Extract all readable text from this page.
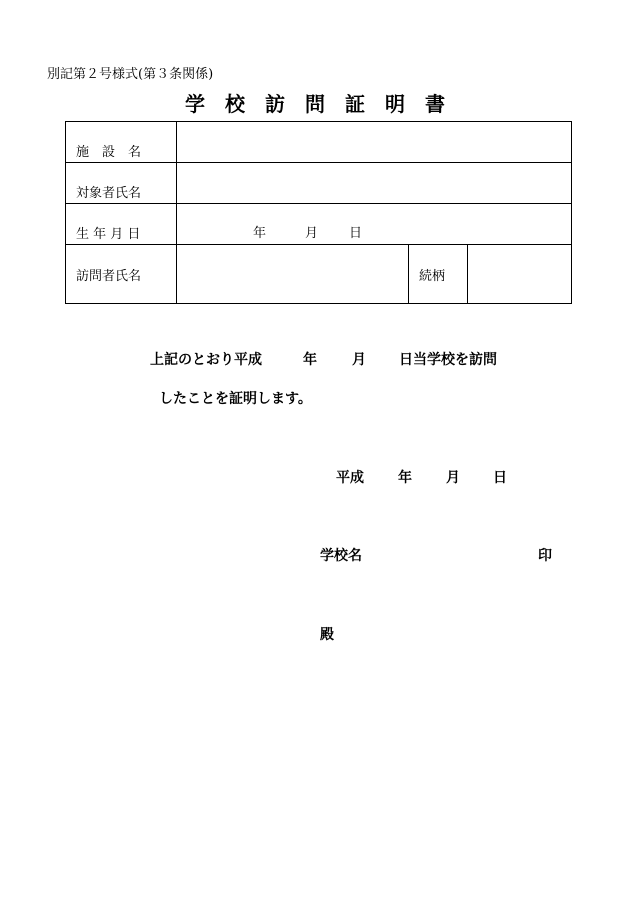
別記第２号様式(第３条関係)
学　校　訪　問　証　明　書
施　設　名			
対象者氏名			
生 年 月 日	年 月 日		

訪問者氏名		続柄	
上記のとおり平成	年	月 日当学校を訪問
したことを証明します。
平成 年 月 日
学校名	印
殿
